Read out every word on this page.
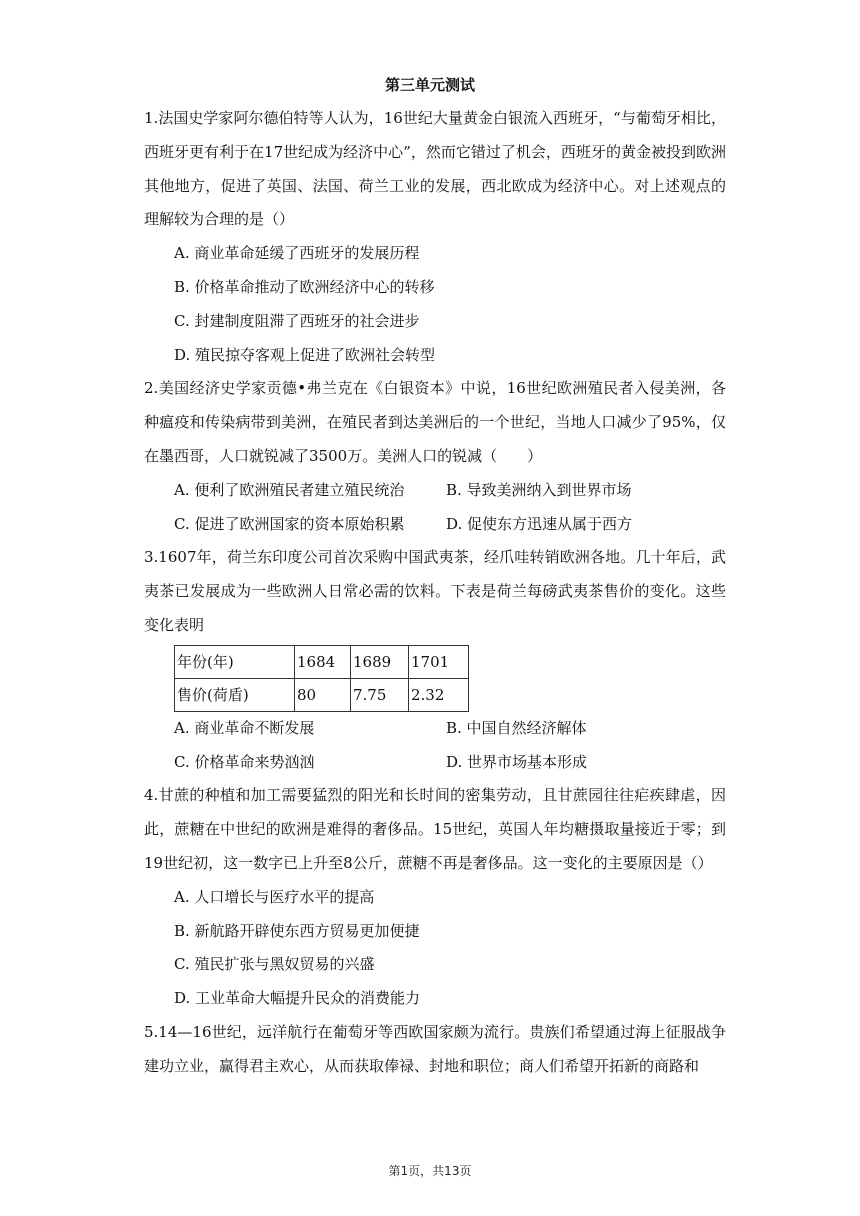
第三单元测试

1.法国史学家阿尔德伯特等人认为，16世纪大量黄金白银流入西班牙，“与葡萄牙相比，西班牙更有利于在17世纪成为经济中心”，然而它错过了机会，西班牙的黄金被投到欧洲其他地方，促进了英国、法国、荷兰工业的发展，西北欧成为经济中心。对上述观点的理解较为合理的是（）

A. 商业革命延缓了西班牙的发展历程
B. 价格革命推动了欧洲经济中心的转移
C. 封建制度阻滞了西班牙的社会进步
D. 殖民掠夺客观上促进了欧洲社会转型

2.美国经济史学家贡德•弗兰克在《白银资本》中说，16世纪欧洲殖民者入侵美洲，各种瘟疫和传染病带到美洲，在殖民者到达美洲后的一个世纪，当地人口减少了95%，仅在墨西哥，人口就锐减了3500万。美洲人口的锐减（　　）

A. 便利了欧洲殖民者建立殖民统治	B. 导致美洲纳入到世界市场
C. 促进了欧洲国家的资本原始积累	D. 促使东方迅速从属于西方

3.1607年，荷兰东印度公司首次采购中国武夷茶，经爪哇转销欧洲各地。几十年后，武夷茶已发展成为一些欧洲人日常必需的饮料。下表是荷兰每磅武夷茶售价的变化。这些变化表明

年份(年)	1684	1689	1701
售价(荷盾)	80	7.75	2.32
A. 商业革命不断发展	B. 中国自然经济解体
C. 价格革命来势汹汹	D. 世界市场基本形成

4.甘蔗的种植和加工需要猛烈的阳光和长时间的密集劳动，且甘蔗园往往疟疾肆虐，因此，蔗糖在中世纪的欧洲是难得的奢侈品。15世纪，英国人年均糖摄取量接近于零；到19世纪初，这一数字已上升至8公斤，蔗糖不再是奢侈品。这一变化的主要原因是（）

A. 人口增长与医疗水平的提高
B. 新航路开辟使东西方贸易更加便捷
C. 殖民扩张与黑奴贸易的兴盛
D. 工业革命大幅提升民众的消费能力

5.14—16世纪，远洋航行在葡萄牙等西欧国家颇为流行。贵族们希望通过海上征服战争建功立业，赢得君主欢心，从而获取俸禄、封地和职位；商人们希望开拓新的商路和

第1页，共13页
